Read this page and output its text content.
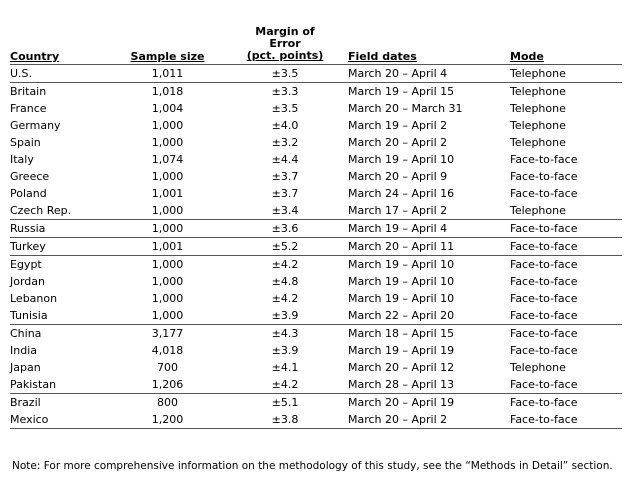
Country	Sample size	Margin of
Error
(pct. points)	Field dates	Mode
U.S.	1,011	±3.5	March 20 – April 4	Telephone
Britain	1,018	±3.3	March 19 – April 15	Telephone
France	1,004	±3.5	March 20 – March 31	Telephone
Germany	1,000	±4.0	March 19 – April 2	Telephone
Spain	1,000	±3.2	March 20 – April 2	Telephone
Italy	1,074	±4.4	March 19 – April 10	Face-to-face
Greece	1,000	±3.7	March 20 – April 9	Face-to-face
Poland	1,001	±3.7	March 24 – April 16	Face-to-face
Czech Rep.	1,000	±3.4	March 17 – April 2	Telephone
Russia	1,000	±3.6	March 19 – April 4	Face-to-face
Turkey	1,001	±5.2	March 20 – April 11	Face-to-face
Egypt	1,000	±4.2	March 19 – April 10	Face-to-face
Jordan	1,000	±4.8	March 19 – April 10	Face-to-face
Lebanon	1,000	±4.2	March 19 – April 10	Face-to-face
Tunisia	1,000	±3.9	March 22 – April 20	Face-to-face
China	3,177	±4.3	March 18 – April 15	Face-to-face
India	4,018	±3.9	March 19 – April 19	Face-to-face
Japan	700	±4.1	March 20 – April 12	Telephone
Pakistan	1,206	±4.2	March 28 – April 13	Face-to-face
Brazil	800	±5.1	March 20 – April 19	Face-to-face
Mexico	1,200	±3.8	March 20 – April 2	Face-to-face
Note: For more comprehensive information on the methodology of this study, see the “Methods in Detail” section.
